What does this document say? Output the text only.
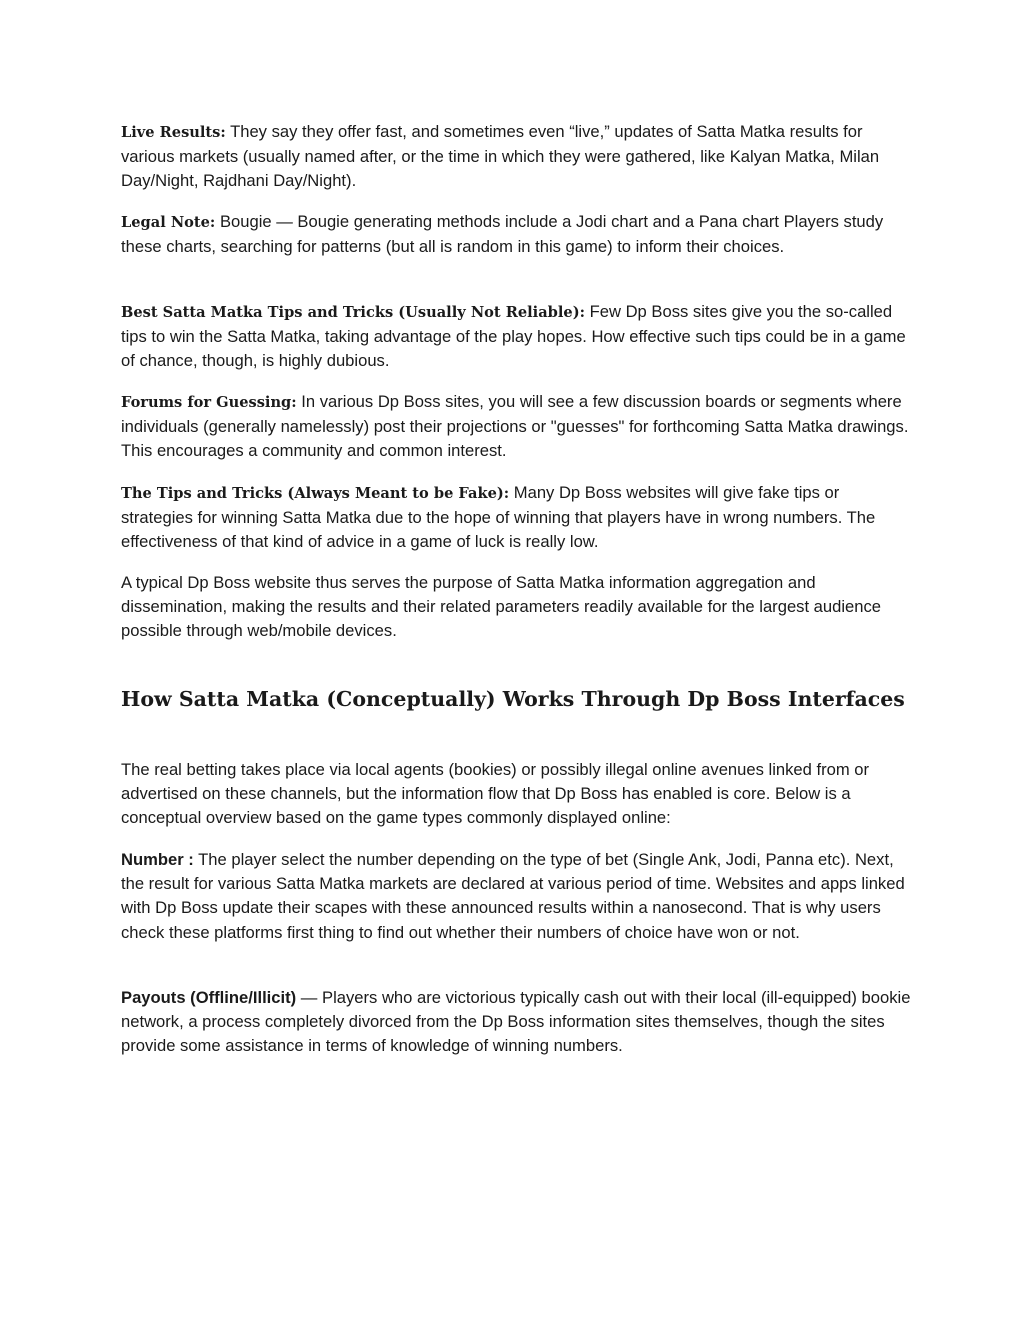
Live Results: They say they offer fast, and sometimes even “live,” updates of Satta Matka results for various markets (usually named after, or the time in which they were gathered, like Kalyan Matka, Milan Day/Night, Rajdhani Day/Night).

Legal Note: Bougie — Bougie generating methods include a Jodi chart and a Pana chart Players study these charts, searching for patterns (but all is random in this game) to inform their choices.

Best Satta Matka Tips and Tricks (Usually Not Reliable): Few Dp Boss sites give you the so-called tips to win the Satta Matka, taking advantage of the play hopes. How effective such tips could be in a game of chance, though, is highly dubious.

Forums for Guessing: In various Dp Boss sites, you will see a few discussion boards or segments where individuals (generally namelessly) post their projections or "guesses" for forthcoming Satta Matka drawings. This encourages a community and common interest.

The Tips and Tricks (Always Meant to be Fake): Many Dp Boss websites will give fake tips or strategies for winning Satta Matka due to the hope of winning that players have in wrong numbers. The effectiveness of that kind of advice in a game of luck is really low.

A typical Dp Boss website thus serves the purpose of Satta Matka information aggregation and dissemination, making the results and their related parameters readily available for the largest audience possible through web/mobile devices.

How Satta Matka (Conceptually) Works Through Dp Boss Interfaces

The real betting takes place via local agents (bookies) or possibly illegal online avenues linked from or advertised on these channels, but the information flow that Dp Boss has enabled is core. Below is a conceptual overview based on the game types commonly displayed online:

Number : The player select the number depending on the type of bet (Single Ank, Jodi, Panna etc). Next, the result for various Satta Matka markets are declared at various period of time. Websites and apps linked with Dp Boss update their scapes with these announced results within a nanosecond. That is why users check these platforms first thing to find out whether their numbers of choice have won or not.

Payouts (Offline/Illicit) — Players who are victorious typically cash out with their local (ill-equipped) bookie network, a process completely divorced from the Dp Boss information sites themselves, though the sites provide some assistance in terms of knowledge of winning numbers.
